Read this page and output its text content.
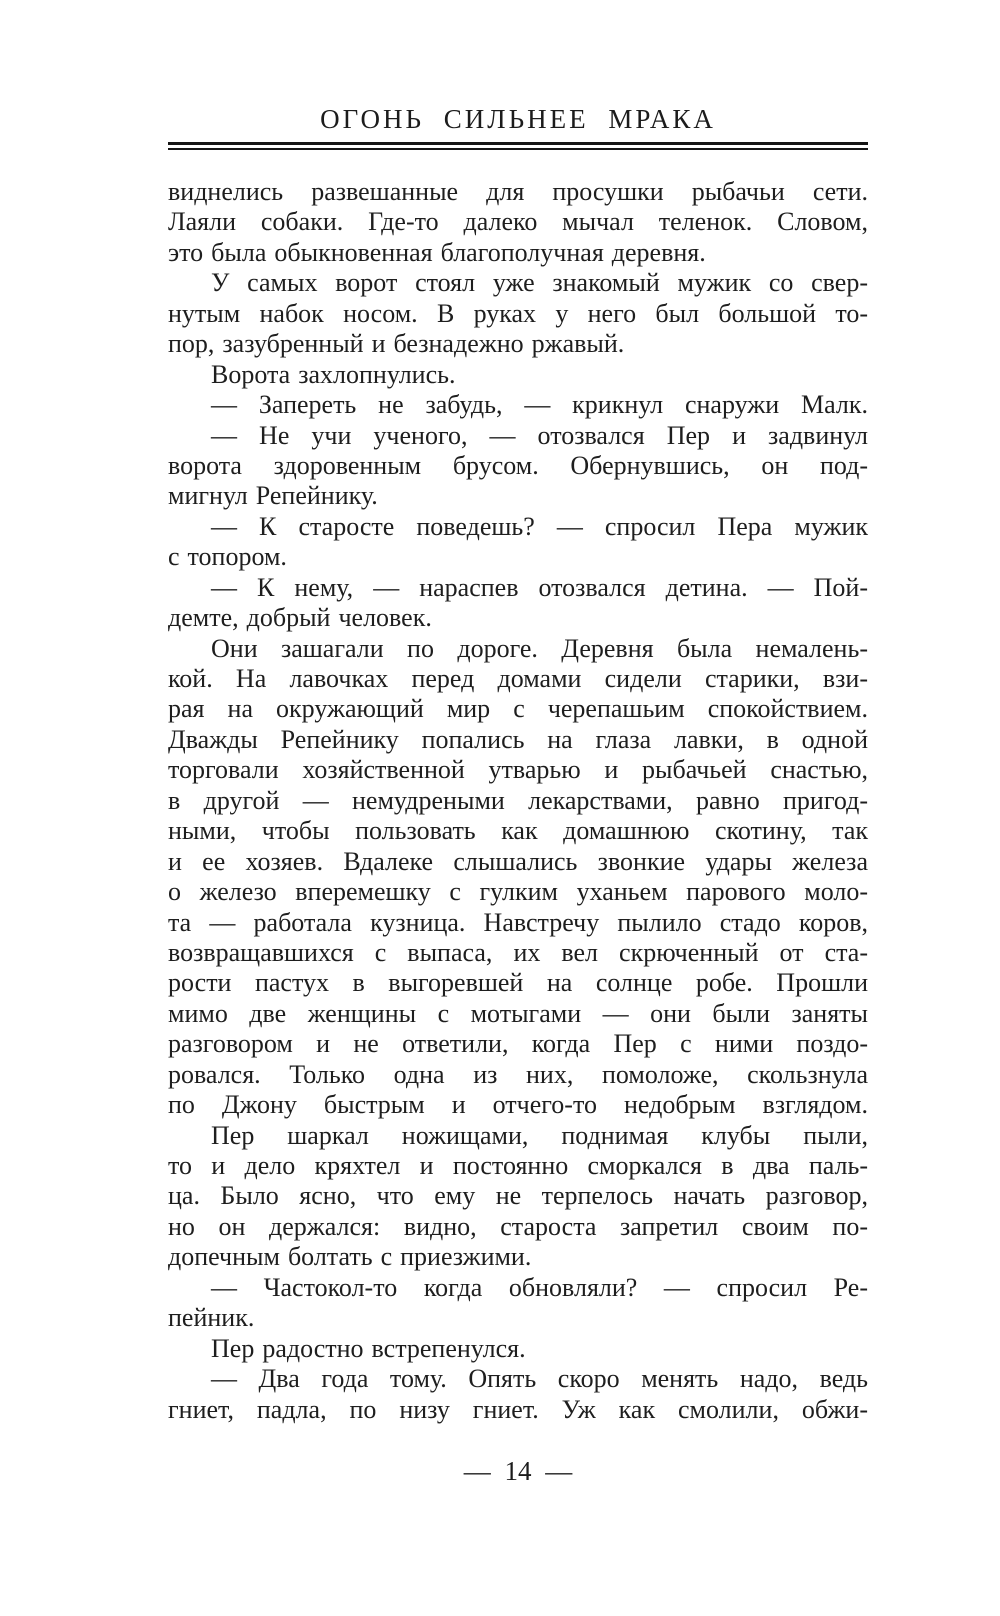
ОГОНЬ СИЛЬНЕЕ МРАКА
виднелись развешанные для просушки рыбачьи сети.
Лаяли собаки. Где-то далеко мычал теленок. Словом,
это была обыкновенная благополучная деревня.
У самых ворот стоял уже знакомый мужик со свер-
нутым набок носом. В руках у него был большой то-
пор, зазубренный и безнадежно ржавый.
Ворота захлопнулись.
— Запереть не забудь, — крикнул снаружи Малк.
— Не учи ученого, — отозвался Пер и задвинул
ворота здоровенным брусом. Обернувшись, он под-
мигнул Репейнику.
— К старосте поведешь? — спросил Пера мужик
с топором.
— К нему, — нараспев отозвался детина. — Пой-
демте, добрый человек.
Они зашагали по дороге. Деревня была немалень-
кой. На лавочках перед домами сидели старики, взи-
рая на окружающий мир с черепашьим спокойствием.
Дважды Репейнику попались на глаза лавки, в одной
торговали хозяйственной утварью и рыбачьей снастью,
в другой — немудреными лекарствами, равно пригод-
ными, чтобы пользовать как домашнюю скотину, так
и ее хозяев. Вдалеке слышались звонкие удары железа
о железо вперемешку с гулким уханьем парового моло-
та — работала кузница. Навстречу пылило стадо коров,
возвращавшихся с выпаса, их вел скрюченный от ста-
рости пастух в выгоревшей на солнце робе. Прошли
мимо две женщины с мотыгами — они были заняты
разговором и не ответили, когда Пер с ними поздо-
ровался. Только одна из них, помоложе, скользнула
по Джону быстрым и отчего-то недобрым взглядом.
Пер шаркал ножищами, поднимая клубы пыли,
то и дело кряхтел и постоянно сморкался в два паль-
ца. Было ясно, что ему не терпелось начать разговор,
но он держался: видно, староста запретил своим по-
допечным болтать с приезжими.
— Частокол-то когда обновляли? — спросил Ре-
пейник.
Пер радостно встрепенулся.
— Два года тому. Опять скоро менять надо, ведь
гниет, падла, по низу гниет. Уж как смолили, обжи-
— 14 —
